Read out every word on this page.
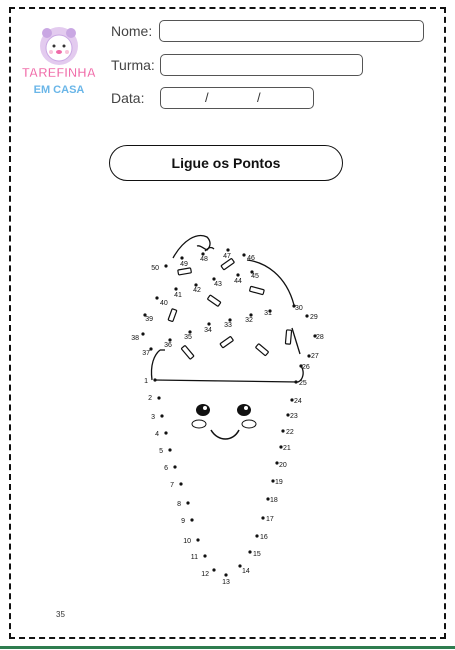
TAREFINHA
EM CASA
Nome:
Turma:
Data:	/	/
Ligue os Pontos
1
2
3
4
5
6
7
8
9
10
11
12
13
14
15
16
17
18
19
20
21
22
23
24
25
26
27
28
29
30
31
32
33
34
35
36
37
38
39
40
41
42
43 44
45
46
47
48
49
50
35
